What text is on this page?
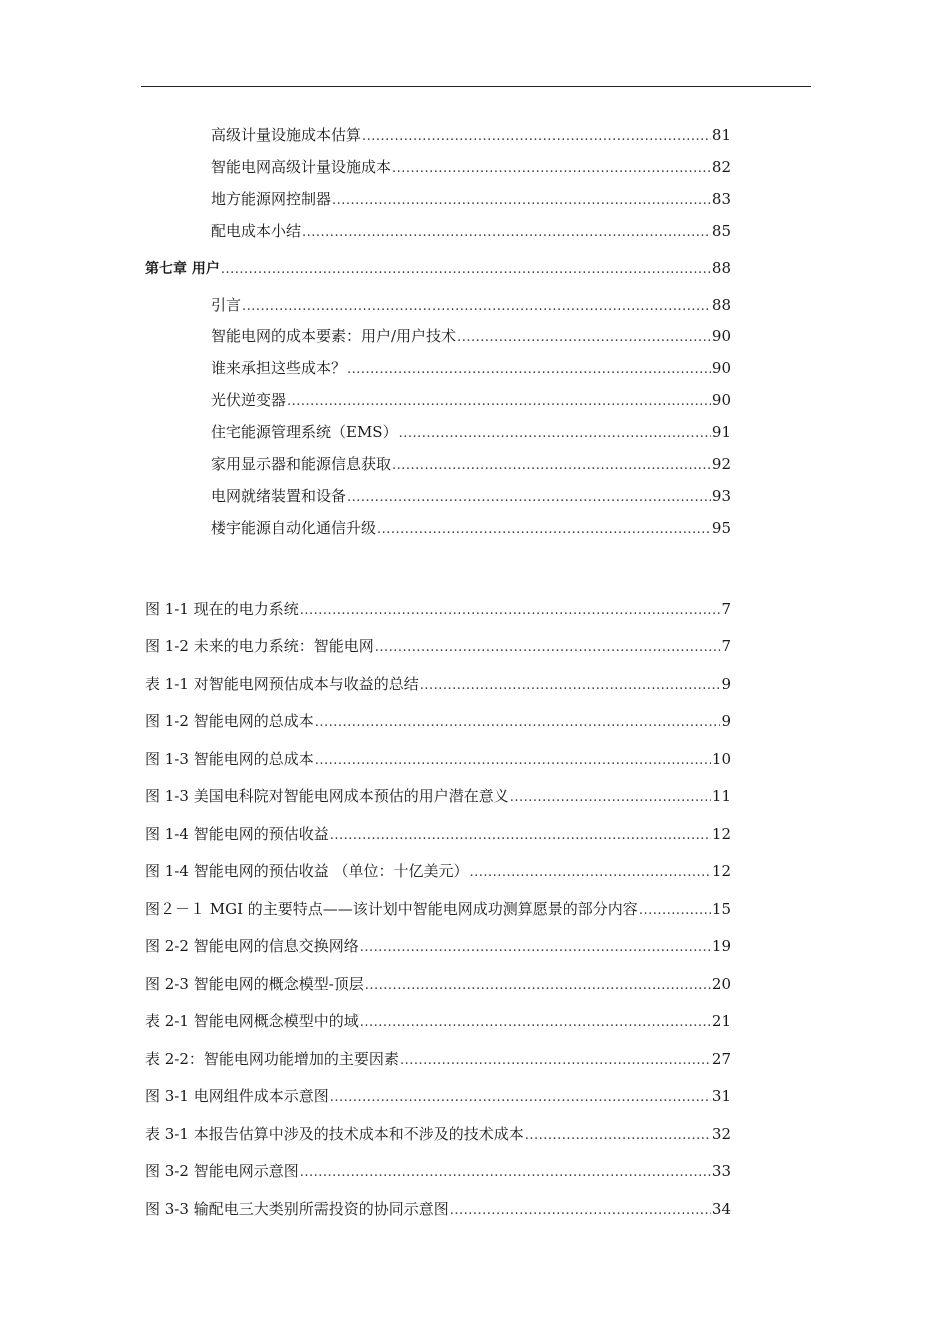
高级计量设施成本估算 .....	81
智能电网高级计量设施成本 .....	82
地方能源网控制器 .....	83
配电成本小结 .....	85
第七章 用户 .....	88
引言 .....	88
智能电网的成本要素：用户/用户技术 .....	90
谁来承担这些成本？ .....	90
光伏逆变器 .....	90
住宅能源管理系统（EMS） .....	91
家用显示器和能源信息获取 .....	92
电网就绪装置和设备 .....	93
楼宇能源自动化通信升级 .....	95
图 1-1 现在的电力系统 .....	7
图 1-2 未来的电力系统：智能电网 .....	7
表 1-1 对智能电网预估成本与收益的总结 .....	9
图 1-2 智能电网的总成本 .....	9
图 1-3 智能电网的总成本 .....	10
图 1-3 美国电科院对智能电网成本预估的用户潜在意义 .....	11
图 1-4 智能电网的预估收益 .....	12
图 1-4 智能电网的预估收益 （单位：十亿美元） .....	12
图２－１ MGI 的主要特点——该计划中智能电网成功测算愿景的部分内容 .....	15
图 2-2 智能电网的信息交换网络 .....	19
图 2-3 智能电网的概念模型-顶层 .....	20
表 2-1 智能电网概念模型中的域 .....	21
表 2-2：智能电网功能增加的主要因素 .....	27
图 3-1 电网组件成本示意图 .....	31
表 3-1 本报告估算中涉及的技术成本和不涉及的技术成本 .....	32
图 3-2 智能电网示意图 .....	33
图 3-3 输配电三大类别所需投资的协同示意图 .....	34
